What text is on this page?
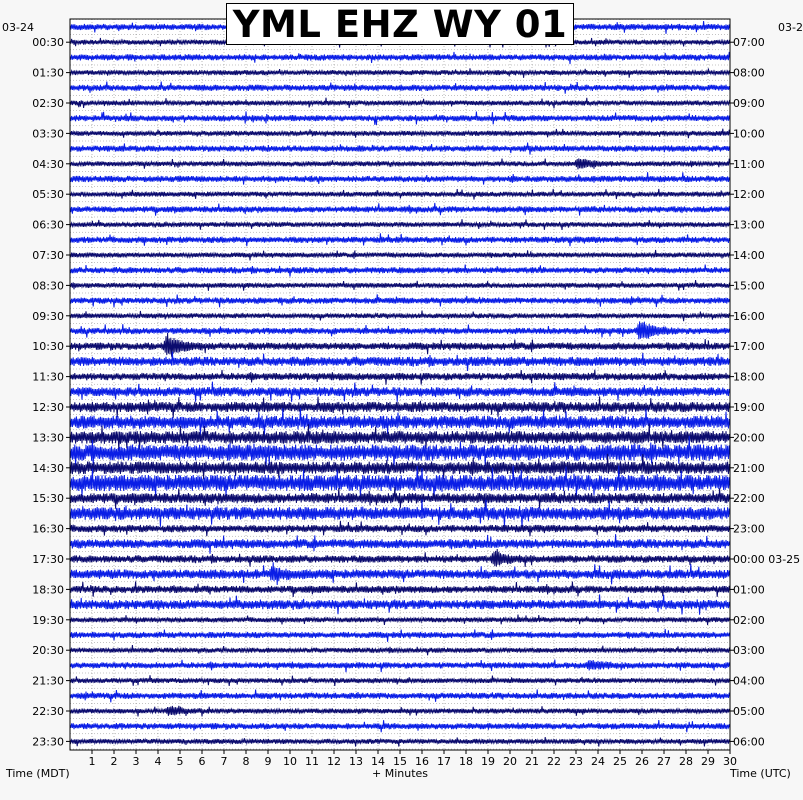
00:30	07:00
01:30	08:00
02:30	09:00
03:30	10:00
04:30	11:00
05:30	12:00
06:30	13:00
07:30	14:00
08:30	15:00
09:30	16:00
10:30	17:00
11:30	18:00
12:30	19:00
13:30	20:00
14:30	21:00
15:30	22:00
16:30	23:00
17:30	00:00 03-25
18:30	01:00
19:30	02:00
20:30	03:00
21:30	04:00
22:30	05:00
23:30	06:00
1 2 3 4 5 6 7 8 9 10 11 12 13 14 15 16 17 18 19 20 21 22 23 24 25 26 27 28 29 30
YML EHZ WY 01
03-24	03-2
Time (MDT)	+ Minutes	Time (UTC)
